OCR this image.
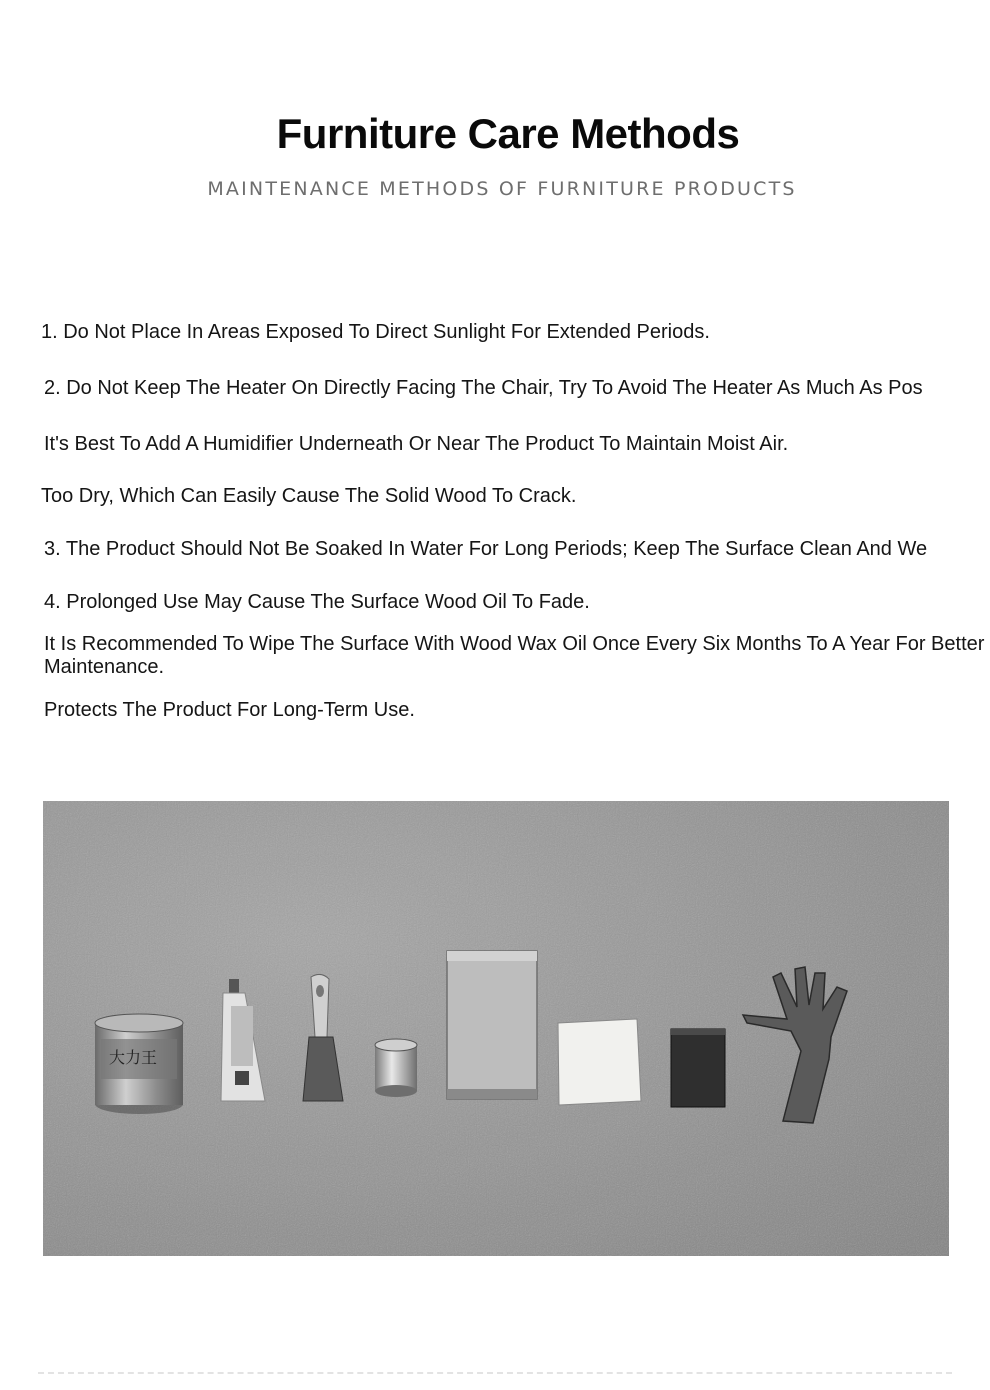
Furniture Care Methods
MAINTENANCE METHODS OF FURNITURE PRODUCTS
1. Do Not Place In Areas Exposed To Direct Sunlight For Extended Periods.
2. Do Not Keep The Heater On Directly Facing The Chair, Try To Avoid The Heater As Much As Pos
It's Best To Add A Humidifier Underneath Or Near The Product To Maintain Moist Air.
Too Dry, Which Can Easily Cause The Solid Wood To Crack.
3. The Product Should Not Be Soaked In Water For Long Periods; Keep The Surface Clean And We
4. Prolonged Use May Cause The Surface Wood Oil To Fade.
It Is Recommended To Wipe The Surface With Wood Wax Oil Once Every Six Months To A Year For Better Maintenance.
Protects The Product For Long-Term Use.
大力王
